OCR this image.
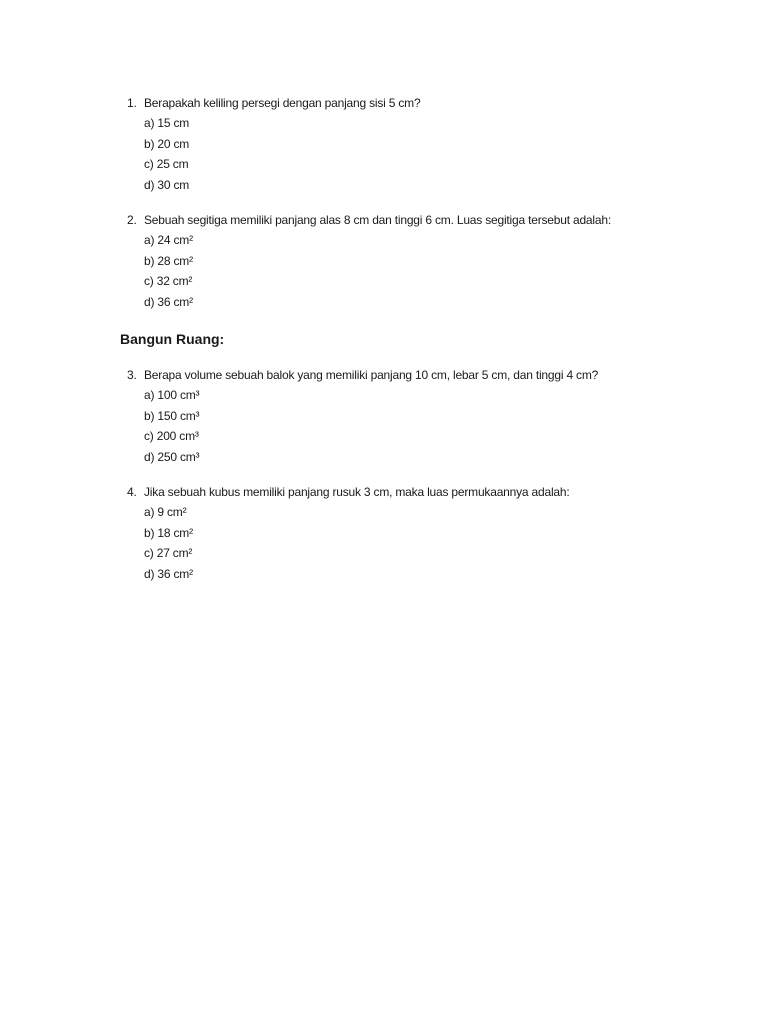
1. Berapakah keliling persegi dengan panjang sisi 5 cm?
a) 15 cm
b) 20 cm
c) 25 cm
d) 30 cm
2. Sebuah segitiga memiliki panjang alas 8 cm dan tinggi 6 cm. Luas segitiga tersebut adalah:
a) 24 cm²
b) 28 cm²
c) 32 cm²
d) 36 cm²
Bangun Ruang:
3. Berapa volume sebuah balok yang memiliki panjang 10 cm, lebar 5 cm, dan tinggi 4 cm?
a) 100 cm³
b) 150 cm³
c) 200 cm³
d) 250 cm³
4. Jika sebuah kubus memiliki panjang rusuk 3 cm, maka luas permukaannya adalah:
a) 9 cm²
b) 18 cm²
c) 27 cm²
d) 36 cm²
